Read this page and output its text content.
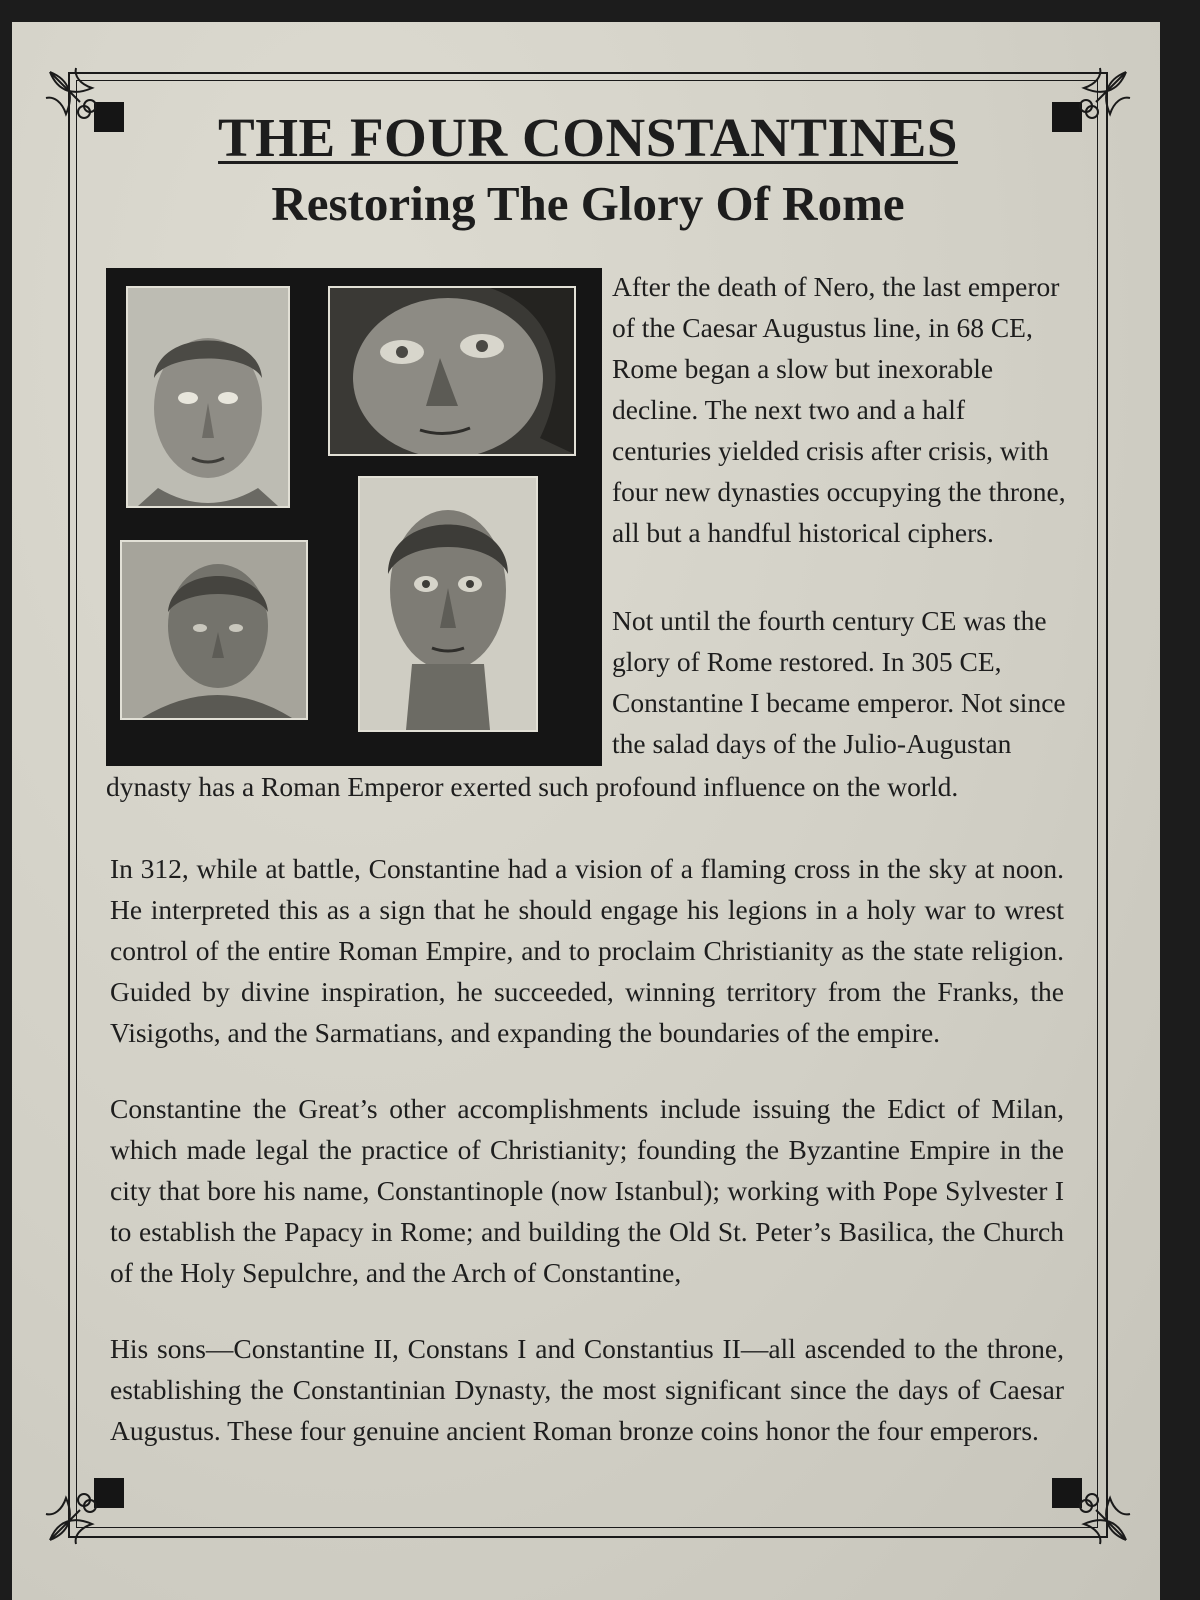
THE FOUR CONSTANTINES
Restoring The Glory Of Rome

After the death of Nero, the last emperor
of the Caesar Augustus line, in 68 CE,
Rome began a slow but inexorable
decline. The next two and a half
centuries yielded crisis after crisis, with
four new dynasties occupying the throne,
all but a handful historical ciphers.

Not until the fourth century CE was the
glory of Rome restored. In 305 CE,
Constantine I became emperor. Not since
the salad days of the Julio-Augustan

dynasty has a Roman Emperor exerted such profound influence on the world.

In 312, while at battle, Constantine had a vision of a flaming cross in the sky at noon. He interpreted this as a sign that he should engage his legions in a holy war to wrest control of the entire Roman Empire, and to proclaim Christianity as the state religion. Guided by divine inspiration, he succeeded, winning territory from the Franks, the Visigoths, and the Sarmatians, and expanding the boundaries of the empire.

Constantine the Great’s other accomplishments include issuing the Edict of Milan, which made legal the practice of Christianity; founding the Byzantine Empire in the city that bore his name, Constantinople (now Istanbul); working with Pope Sylvester I to establish the Papacy in Rome; and building the Old St. Peter’s Basilica, the Church of the Holy Sepulchre, and the Arch of Constantine,

His sons—Constantine II, Constans I and Constantius II—all ascended to the throne, establishing the Constantinian Dynasty, the most significant since the days of Caesar Augustus. These four genuine ancient Roman bronze coins honor the four emperors.
